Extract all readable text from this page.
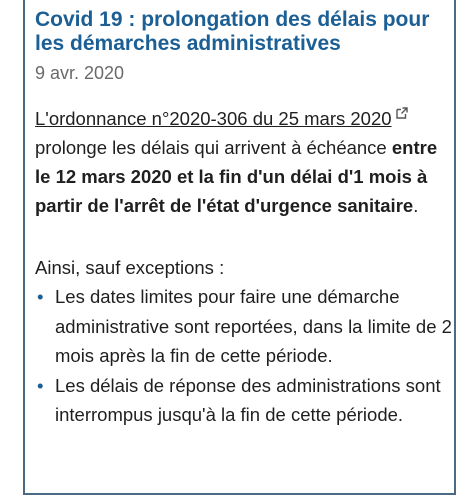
Covid 19 : prolongation des délais pour les démarches administratives

9 avr. 2020

L'ordonnance n°2020-306 du 25 mars 2020 prolonge les délais qui arrivent à échéance entre le 12 mars 2020 et la fin d'un délai d'1 mois à partir de l'arrêt de l'état d'urgence sanitaire.

Ainsi, sauf exceptions :

• Les dates limites pour faire une démarche administrative sont reportées, dans la limite de 2 mois après la fin de cette période.
• Les délais de réponse des administrations sont interrompus jusqu'à la fin de cette période.
